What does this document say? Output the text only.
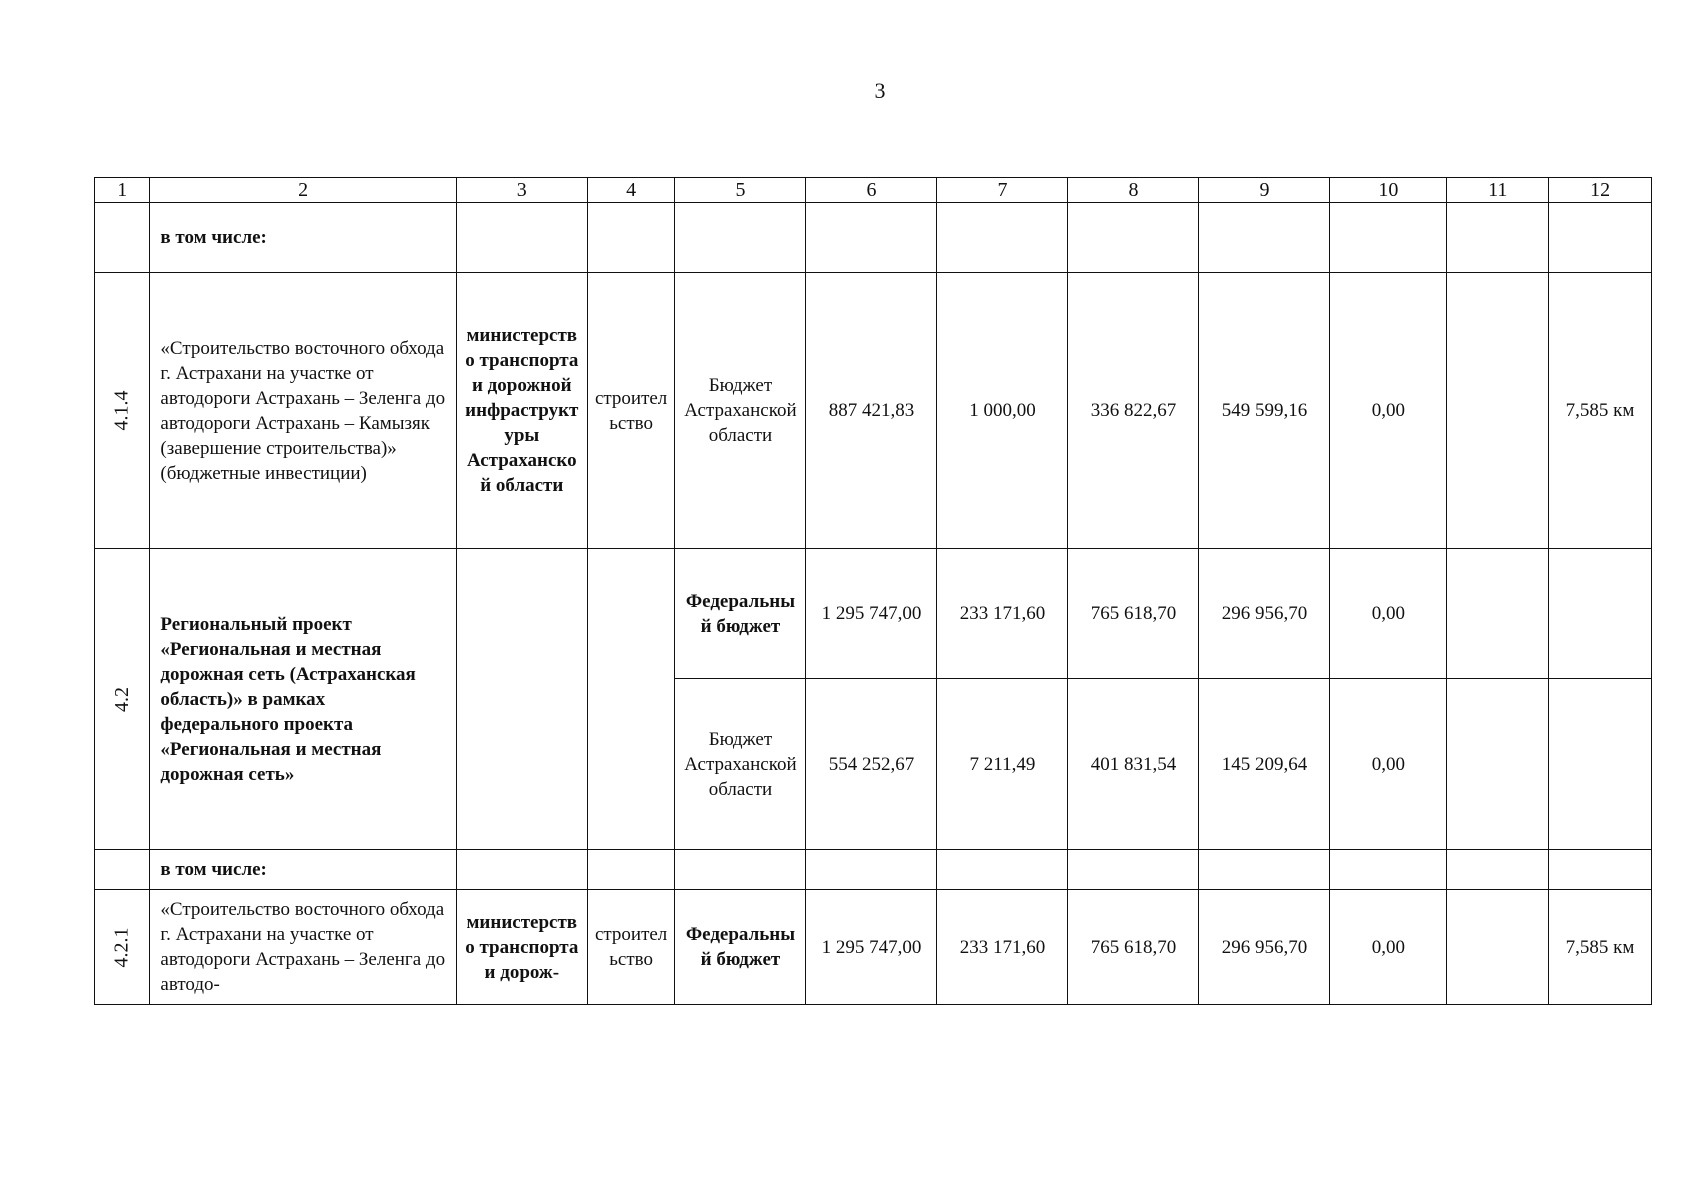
3
1	2	3	4	5	6	7	8	9	10	11	12
	в том числе:										
4.1.4	«Строительство восточного обхода г. Астрахани на участке от автодороги Астрахань – Зеленга до автодороги Астрахань – Камызяк (завершение строительства)» (бюджетные инвестиции)	министерство транспорта и дорожной инфраструктуры Астраханской области	строительство	Бюджет Астраханской области	887 421,83	1 000,00	336 822,67	549 599,16	0,00		7,585 км
4.2	Региональный проект «Региональная и местная дорожная сеть (Астраханская область)» в рамках федерального проекта «Региональная и местная дорожная сеть»			Федеральный бюджет	1 295 747,00	233 171,60	765 618,70	296 956,70	0,00		
				Бюджет Астраханской области	554 252,67	7 211,49	401 831,54	145 209,64	0,00		
	в том числе:										
4.2.1	«Строительство восточного обхода г. Астрахани на участке от автодороги Астрахань – Зеленга до автодо-	министерство транспорта и дорож-	строительство	Федеральный бюджет	1 295 747,00	233 171,60	765 618,70	296 956,70	0,00		7,585 км
